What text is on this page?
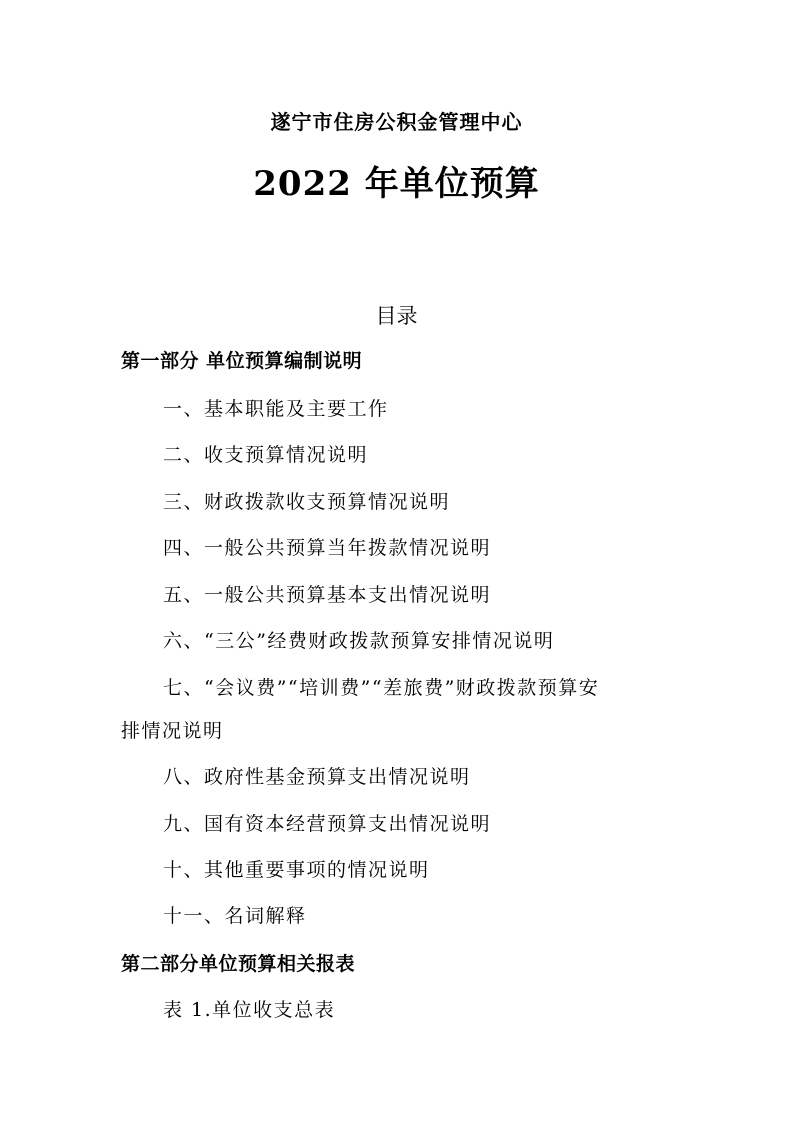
遂宁市住房公积金管理中心
2022 年单位预算
目录
第一部分 单位预算编制说明
一、基本职能及主要工作
二、收支预算情况说明
三、财政拨款收支预算情况说明
四、一般公共预算当年拨款情况说明
五、一般公共预算基本支出情况说明
六、“三公”经费财政拨款预算安排情况说明
七、“会议费”“培训费”“差旅费”财政拨款预算安
排情况说明
八、政府性基金预算支出情况说明
九、国有资本经营预算支出情况说明
十、其他重要事项的情况说明
十一、名词解释
第二部分单位预算相关报表
表 1.单位收支总表
